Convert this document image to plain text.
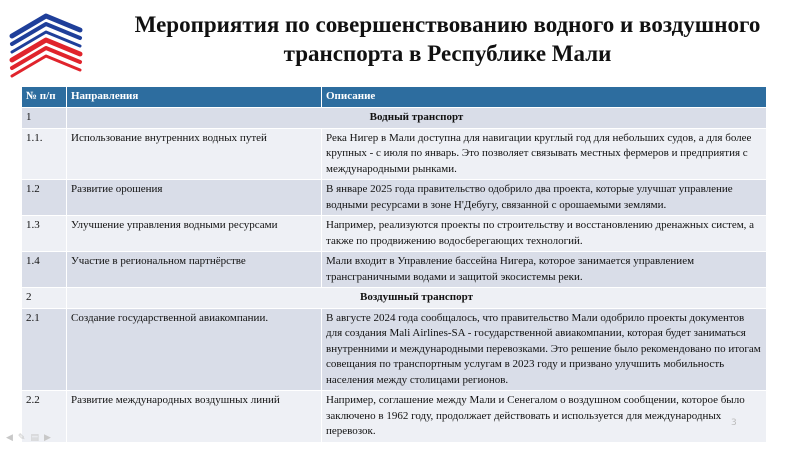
Мероприятия по совершенствованию водного и воздушного транспорта в Республике Мали
№ п/п	Направления	Описание
1	Водный транспорт	
1.1.	Использование внутренних водных путей	Река Нигер в Мали доступна для навигации круглый год для небольших судов, а для более крупных - с июля по январь. Это позволяет связывать местных фермеров и предприятия с международными рынками.
1.2	Развитие орошения	В январе 2025 года правительство одобрило два проекта, которые улучшат управление водными ресурсами в зоне Н'Дебугу, связанной с орошаемыми землями.
1.3	Улучшение управления водными ресурсами	Например, реализуются проекты по строительству и восстановлению дренажных систем, а также по продвижению водосберегающих технологий.
1.4	Участие в региональном партнёрстве	Мали входит в Управление бассейна Нигера, которое занимается управлением трансграничными водами и защитой экосистемы реки.
2	Воздушный транспорт	
2.1	Создание государственной авиакомпании.	В августе 2024 года сообщалось, что правительство Мали одобрило проекты документов для создания Mali Airlines-SA - государственной авиакомпании, которая будет заниматься внутренними и международными перевозками. Это решение было рекомендовано по итогам совещания по транспортным услугам в 2023 году и призвано улучшить мобильность населения между столицами регионов.
2.2	Развитие международных воздушных линий	Например, соглашение между Мали и Сенегалом о воздушном сообщении, которое было заключено в 1962 году, продолжает действовать и используется для международных перевозок.
◀ ✎ ▤ ▶
3
